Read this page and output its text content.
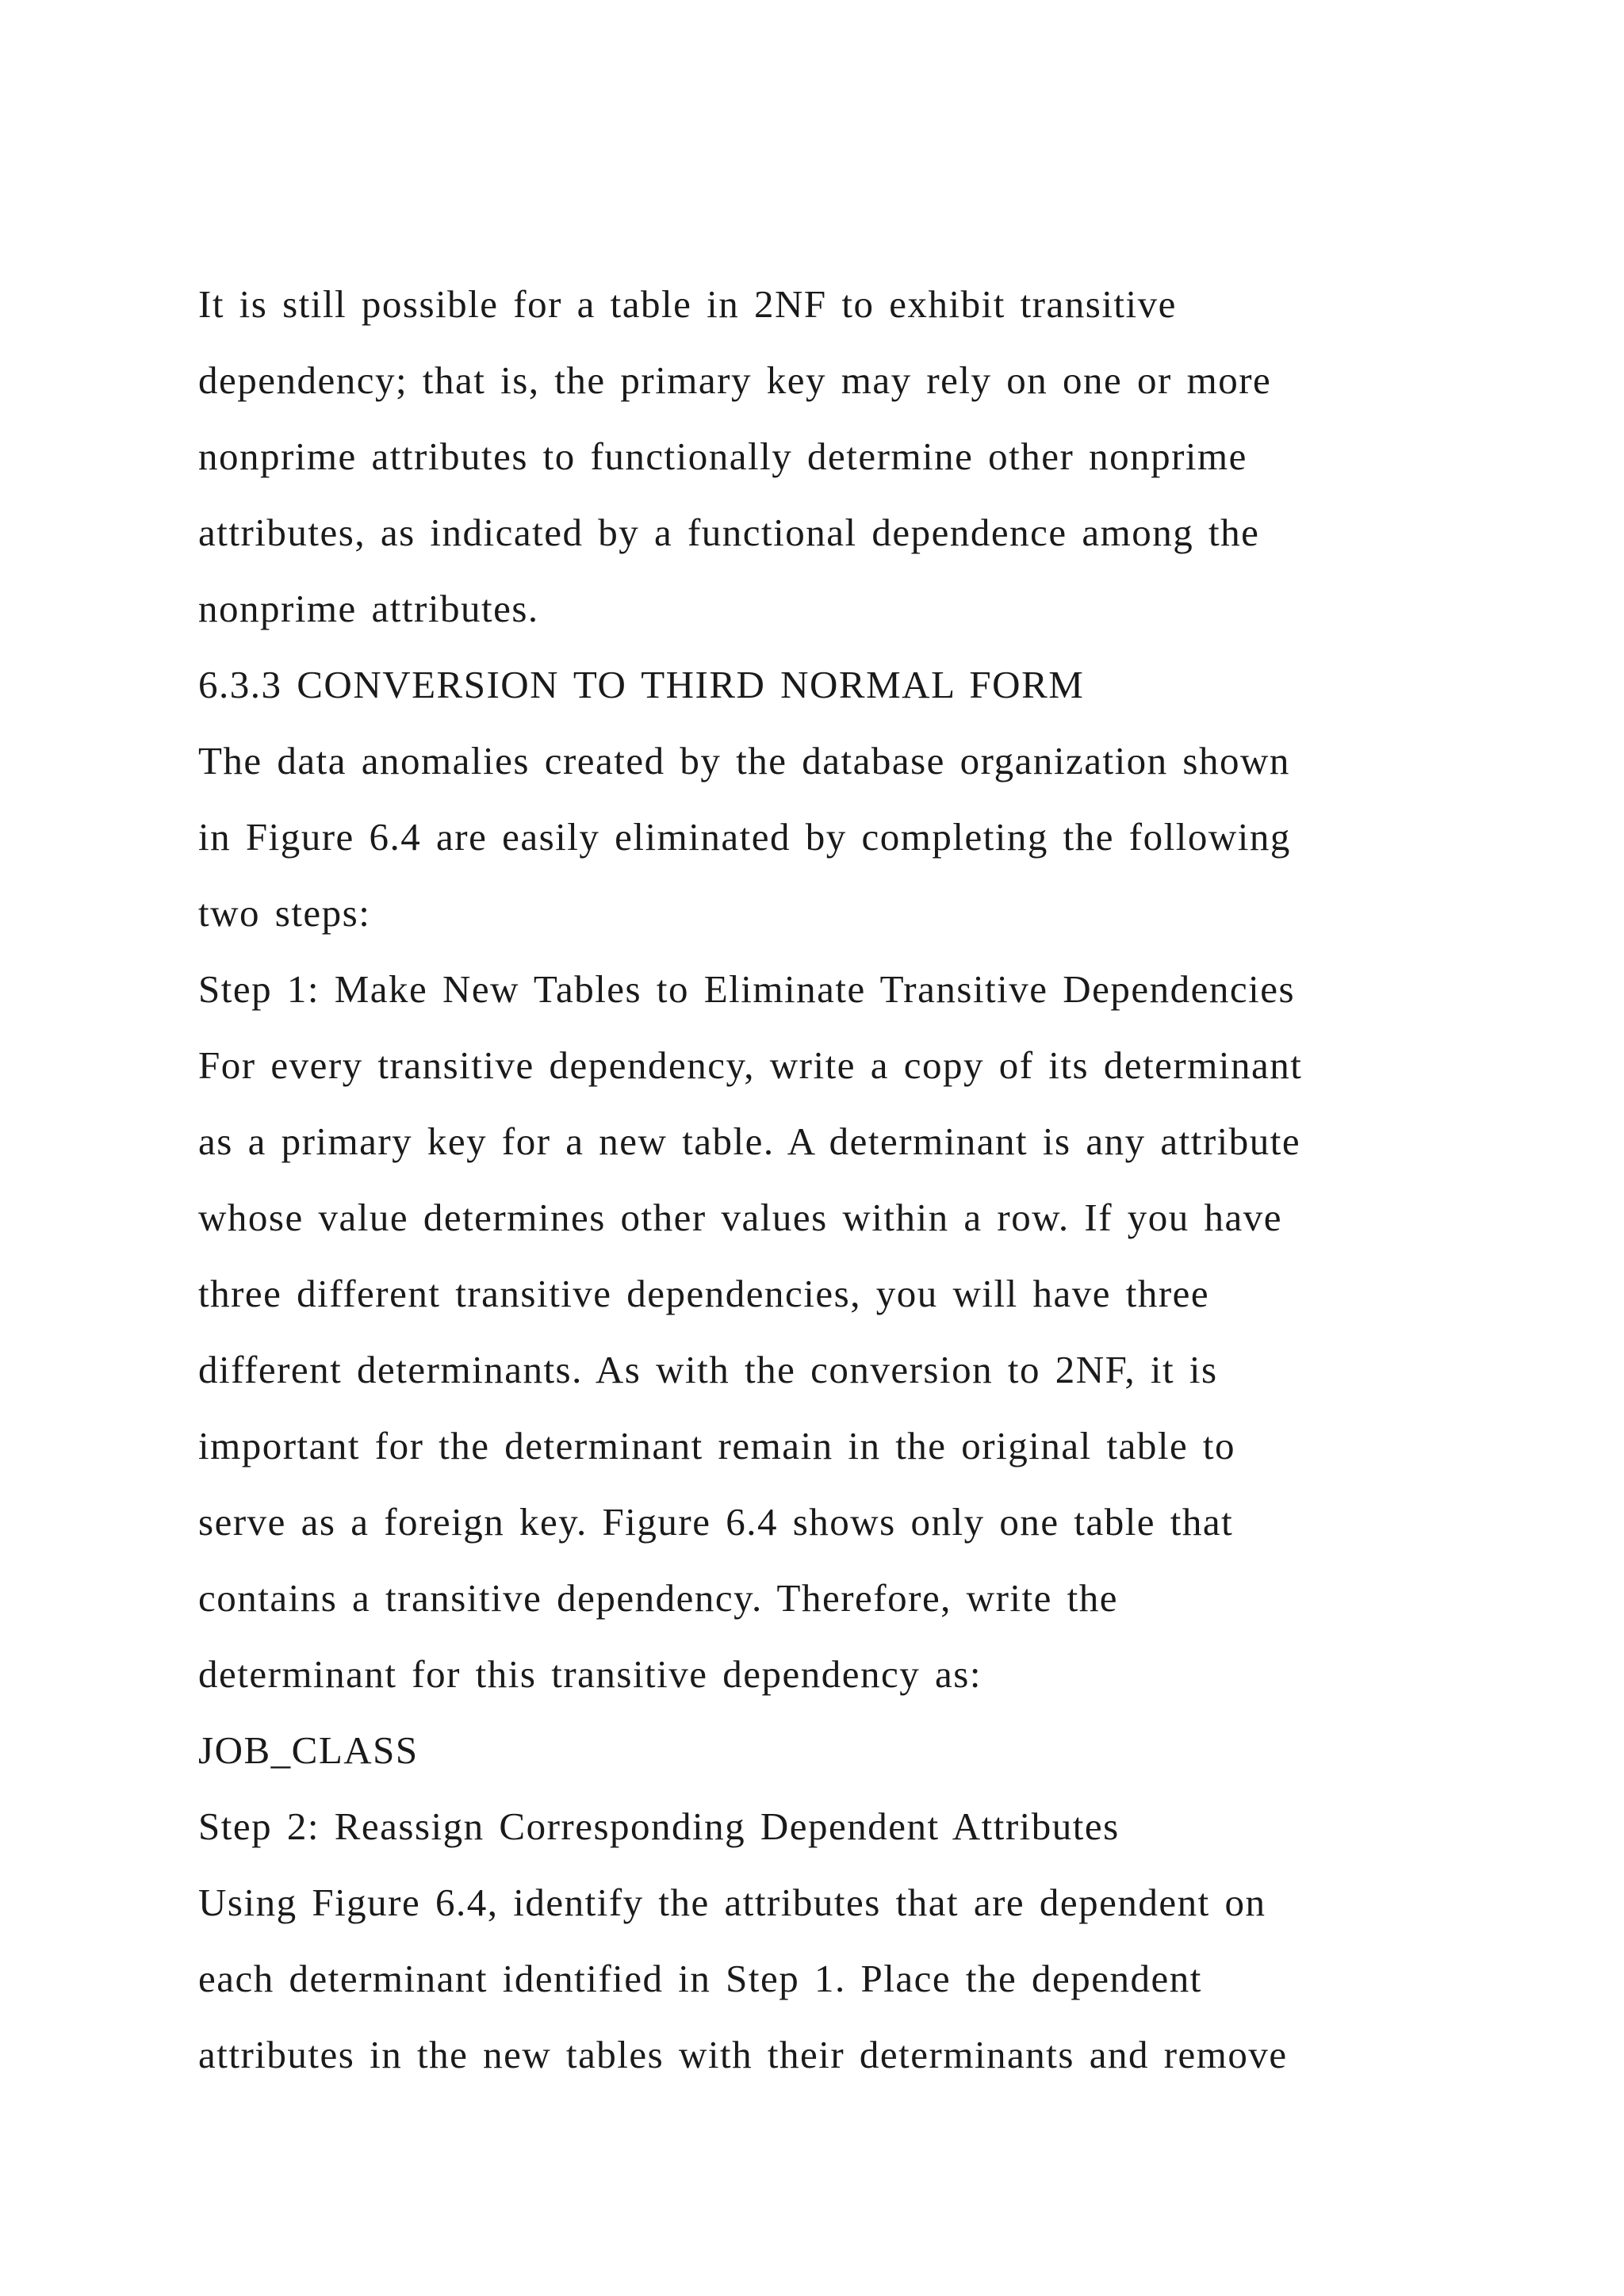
It is still possible for a table in 2NF to exhibit transitive
dependency; that is, the primary key may rely on one or more
nonprime attributes to functionally determine other nonprime
attributes, as indicated by a functional dependence among the
nonprime attributes.
6.3.3 CONVERSION TO THIRD NORMAL FORM
The data anomalies created by the database organization shown
in Figure 6.4 are easily eliminated by completing the following
two steps:
Step 1: Make New Tables to Eliminate Transitive Dependencies
For every transitive dependency, write a copy of its determinant
as a primary key for a new table. A determinant is any attribute
whose value determines other values within a row. If you have
three different transitive dependencies, you will have three
different determinants. As with the conversion to 2NF, it is
important for the determinant remain in the original table to
serve as a foreign key. Figure 6.4 shows only one table that
contains a transitive dependency. Therefore, write the
determinant for this transitive dependency as:
JOB_CLASS
Step 2: Reassign Corresponding Dependent Attributes
Using Figure 6.4, identify the attributes that are dependent on
each determinant identified in Step 1. Place the dependent
attributes in the new tables with their determinants and remove
